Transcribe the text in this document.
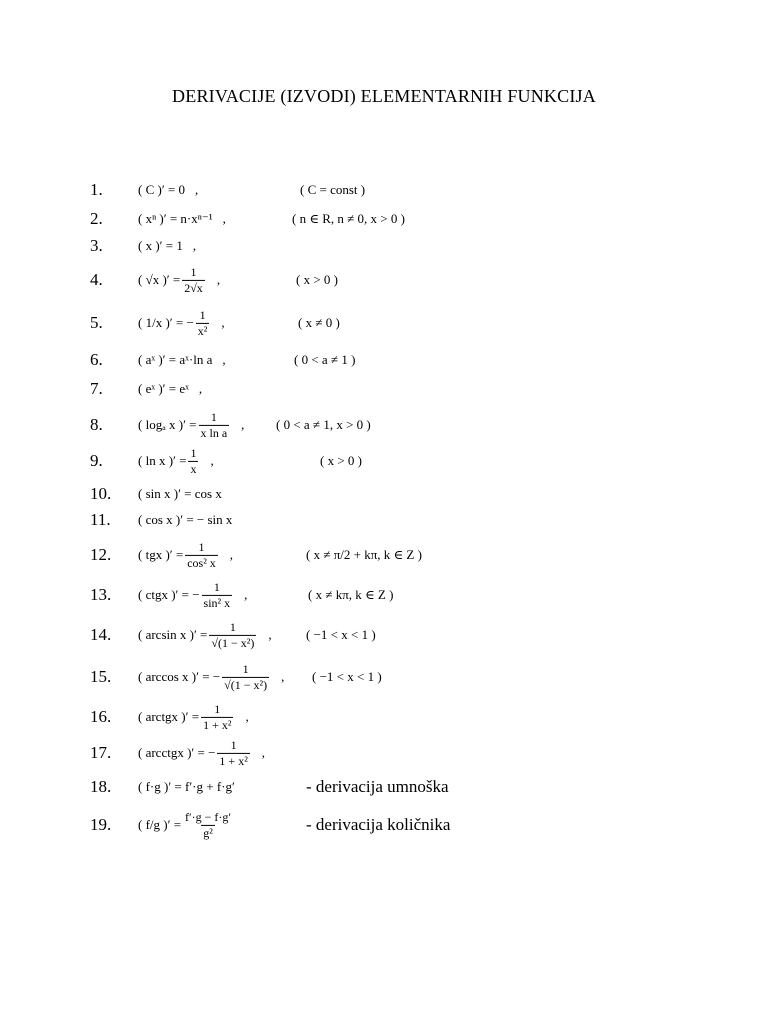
DERIVACIJE (IZVODI) ELEMENTARNIH FUNKCIJA
1.	( C )′ = 0 ,	( C = const )
2.	( xⁿ )′ = n·xⁿ⁻¹ ,	( n ∈ R, n ≠ 0, x > 0 )
3.	( x )′ = 1 ,
4.	( √x )′ = $\frac{1}{2√x}$ ,	( x > 0 )
5.	( 1/x )′ = − $\frac{1}{\text{x²}}$ ,	( x ≠ 0 )
6.	( aˣ )′ = aˣ·ln a ,	( 0 < a ≠ 1 )
7.	( eˣ )′ = eˣ ,
8.	( logₐ x )′ = $\frac{1}{\text{x ln a}}$ , ( 0 < a ≠ 1, x > 0 )
9.	( ln x )′ = $\frac{1}{x}$ ,	( x > 0 )
10. ( sin x )′ = cos x
11. ( cos x )′ = − sin x
12. ( tgx )′ = $\frac{1}{\text{cos² x}}$ ,	( x ≠ π/2 + kπ, k ∈ Z )
13. ( ctgx )′ = − $\frac{1}{\text{sin² x}}$ ,	( x ≠ kπ, k ∈ Z )
14. ( arcsin x )′ = $\frac{1}{\text{√(1 − x²)}}$ ,	( −1 < x < 1 )
15. ( arccos x )′ = − $\frac{1}{\text{√(1 − x²)}}$ , ( −1 < x < 1 )
16. ( arctgx )′ = $\frac{1}{\text{1 + x²}}$ ,
17. ( arcctgx )′ = − $\frac{1}{\text{1 + x²}}$ ,
18. ( f·g )′ = f′·g + f·g′	- derivacija umnoška
19. ( f/g )′ = $\frac{f'\cdot g - f\cdot g'}{\text{g²}}$	- derivacija količnika
